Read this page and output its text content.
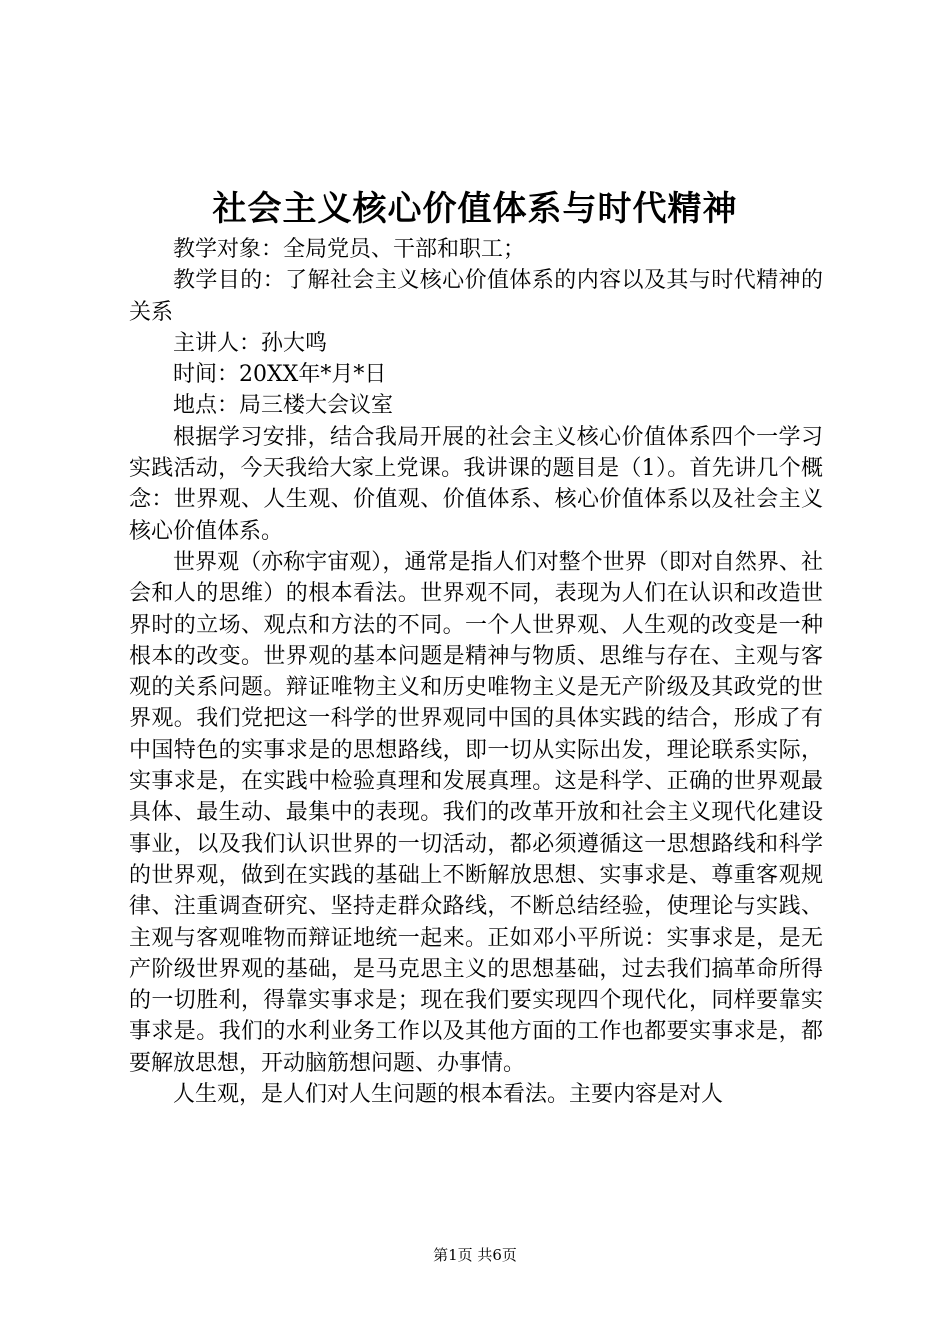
社会主义核心价值体系与时代精神

教学对象：全局党员、干部和职工；

教学目的：了解社会主义核心价值体系的内容以及其与时代精神的关系

主讲人：孙大鸣

时间：20XX年*月*日

地点：局三楼大会议室

根据学习安排，结合我局开展的社会主义核心价值体系四个一学习实践活动，今天我给大家上党课。我讲课的题目是（1）。首先讲几个概念：世界观、人生观、价值观、价值体系、核心价值体系以及社会主义核心价值体系。

世界观（亦称宇宙观），通常是指人们对整个世界（即对自然界、社会和人的思维）的根本看法。世界观不同，表现为人们在认识和改造世界时的立场、观点和方法的不同。一个人世界观、人生观的改变是一种根本的改变。世界观的基本问题是精神与物质、思维与存在、主观与客观的关系问题。辩证唯物主义和历史唯物主义是无产阶级及其政党的世界观。我们党把这一科学的世界观同中国的具体实践的结合，形成了有中国特色的实事求是的思想路线，即一切从实际出发，理论联系实际，实事求是，在实践中检验真理和发展真理。这是科学、正确的世界观最具体、最生动、最集中的表现。我们的改革开放和社会主义现代化建设事业，以及我们认识世界的一切活动，都必须遵循这一思想路线和科学的世界观，做到在实践的基础上不断解放思想、实事求是、尊重客观规律、注重调查研究、坚持走群众路线，不断总结经验，使理论与实践、主观与客观唯物而辩证地统一起来。正如邓小平所说：实事求是，是无产阶级世界观的基础，是马克思主义的思想基础，过去我们搞革命所得的一切胜利，得靠实事求是；现在我们要实现四个现代化，同样要靠实事求是。我们的水利业务工作以及其他方面的工作也都要实事求是，都要解放思想，开动脑筋想问题、办事情。

人生观，是人们对人生问题的根本看法。主要内容是对人

第1页 共6页
